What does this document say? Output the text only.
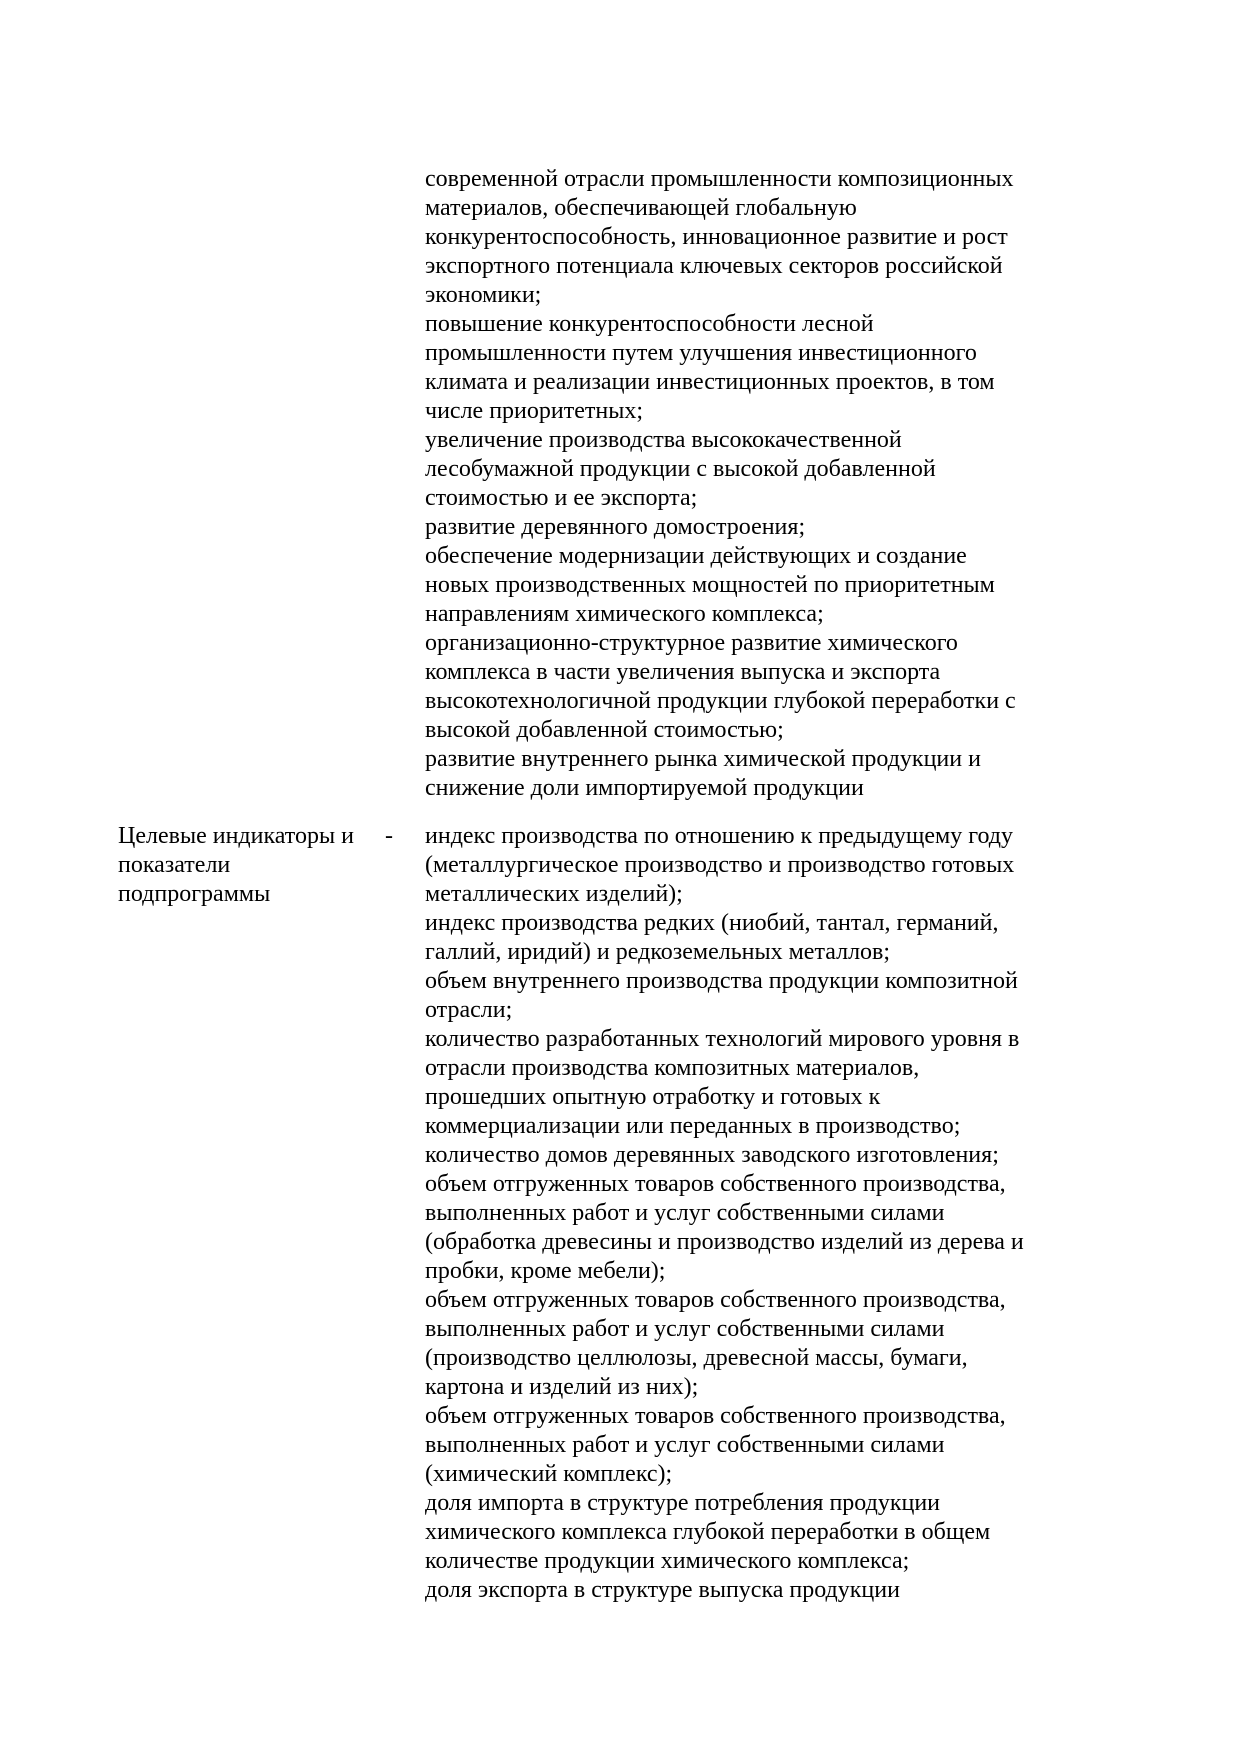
современной отрасли промышленности композиционных
материалов, обеспечивающей глобальную
конкурентоспособность, инновационное развитие и рост
экспортного потенциала ключевых секторов российской
экономики;
повышение конкурентоспособности лесной
промышленности путем улучшения инвестиционного
климата и реализации инвестиционных проектов, в том
числе приоритетных;
увеличение производства высококачественной
лесобумажной продукции с высокой добавленной
стоимостью и ее экспорта;
развитие деревянного домостроения;
обеспечение модернизации действующих и создание
новых производственных мощностей по приоритетным
направлениям химического комплекса;
организационно-структурное развитие химического
комплекса в части увеличения выпуска и экспорта
высокотехнологичной продукции глубокой переработки с
высокой добавленной стоимостью;
развитие внутреннего рынка химической продукции и
снижение доли импортируемой продукции
Целевые индикаторы и
показатели
подпрограммы
- индекс производства по отношению к предыдущему году
(металлургическое производство и производство готовых
металлических изделий);
индекс производства редких (ниобий, тантал, германий,
галлий, иридий) и редкоземельных металлов;
объем внутреннего производства продукции композитной
отрасли;
количество разработанных технологий мирового уровня в
отрасли производства композитных материалов,
прошедших опытную отработку и готовых к
коммерциализации или переданных в производство;
количество домов деревянных заводского изготовления;
объем отгруженных товаров собственного производства,
выполненных работ и услуг собственными силами
(обработка древесины и производство изделий из дерева и
пробки, кроме мебели);
объем отгруженных товаров собственного производства,
выполненных работ и услуг собственными силами
(производство целлюлозы, древесной массы, бумаги,
картона и изделий из них);
объем отгруженных товаров собственного производства,
выполненных работ и услуг собственными силами
(химический комплекс);
доля импорта в структуре потребления продукции
химического комплекса глубокой переработки в общем
количестве продукции химического комплекса;
доля экспорта в структуре выпуска продукции
